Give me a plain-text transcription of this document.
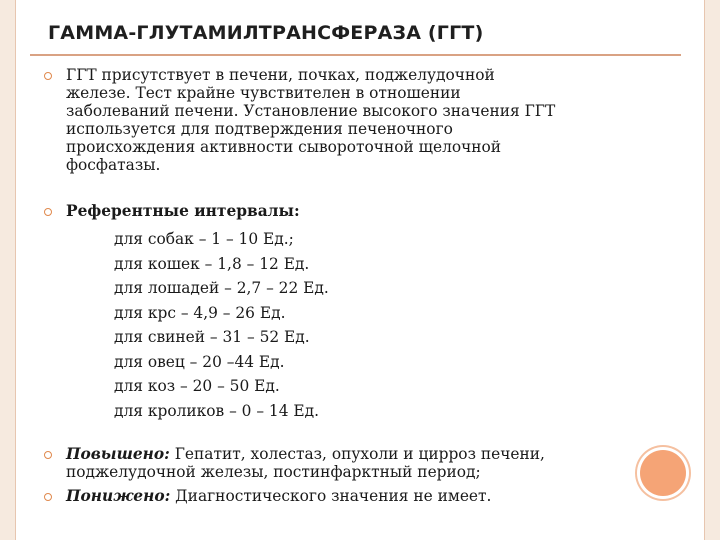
ГАММА-ГЛУТАМИЛТРАНСФЕРАЗА (ГГТ)
ГГТ присутствует в печени, почках, поджелудочной
железе. Тест крайне чувствителен в отношении
заболеваний печени. Установление высокого значения ГГТ
используется для подтверждения печеночного
происхождения активности сывороточной щелочной
фосфатазы.
Референтные интервалы:
для собак – 1 – 10 Ед.;
для кошек – 1,8 – 12 Ед.
для лошадей – 2,7 – 22 Ед.
для крс – 4,9 – 26 Ед.
для свиней – 31 – 52 Ед.
для овец – 20 –44 Ед.
для коз – 20 – 50 Ед.
для кроликов – 0 – 14 Ед.
Повышено: Гепатит, холестаз, опухоли и цирроз печени,
поджелудочной железы, постинфарктный период;
Понижено: Диагностического значения не имеет.
